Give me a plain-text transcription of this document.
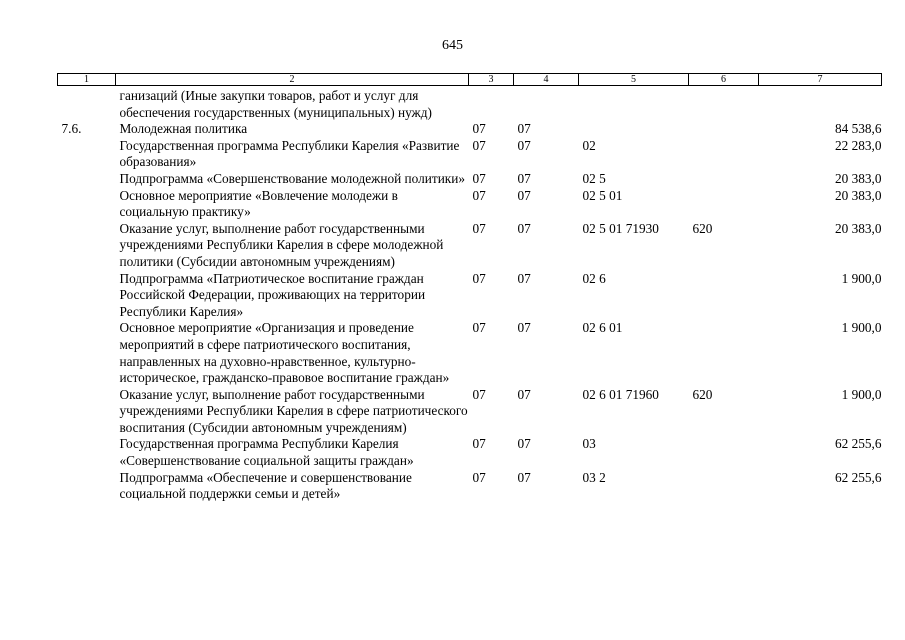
645
1	2	3	4	5	6	7
	ганизаций (Иные закупки товаров, работ и услуг для обеспечения государственных (муниципальных) нужд)					
7.6.	Молодежная политика	07	07			84 538,6
	Государственная программа Республики Карелия «Развитие образования»	07	07	02		22 283,0
	Подпрограмма «Совершенствование молодежной политики»	07	07	02 5		20 383,0
	Основное мероприятие «Вовлечение молодежи в социальную практику»	07	07	02 5 01		20 383,0
	Оказание услуг, выполнение работ государственными учреждениями Республики Карелия в сфере молодежной политики (Субсидии автономным учреждениям)	07	07	02 5 01 71930	620	20 383,0
	Подпрограмма «Патриотическое воспитание граждан Российской Федерации, проживающих на территории Республики Карелия»	07	07	02 6		1 900,0
	Основное мероприятие «Организация и проведение мероприятий в сфере патриотического воспитания, направленных на духовно-нравственное, культурно-историческое, гражданско-правовое воспитание граждан»	07	07	02 6 01		1 900,0
	Оказание услуг, выполнение работ государственными учреждениями Республики Карелия в сфере патриотического воспитания (Субсидии автономным учреждениям)	07	07	02 6 01 71960	620	1 900,0
	Государственная программа Республики Карелия «Совершенствование социальной защиты граждан»	07	07	03		62 255,6
	Подпрограмма «Обеспечение и совершенствование социальной поддержки семьи и детей»	07	07	03 2		62 255,6
